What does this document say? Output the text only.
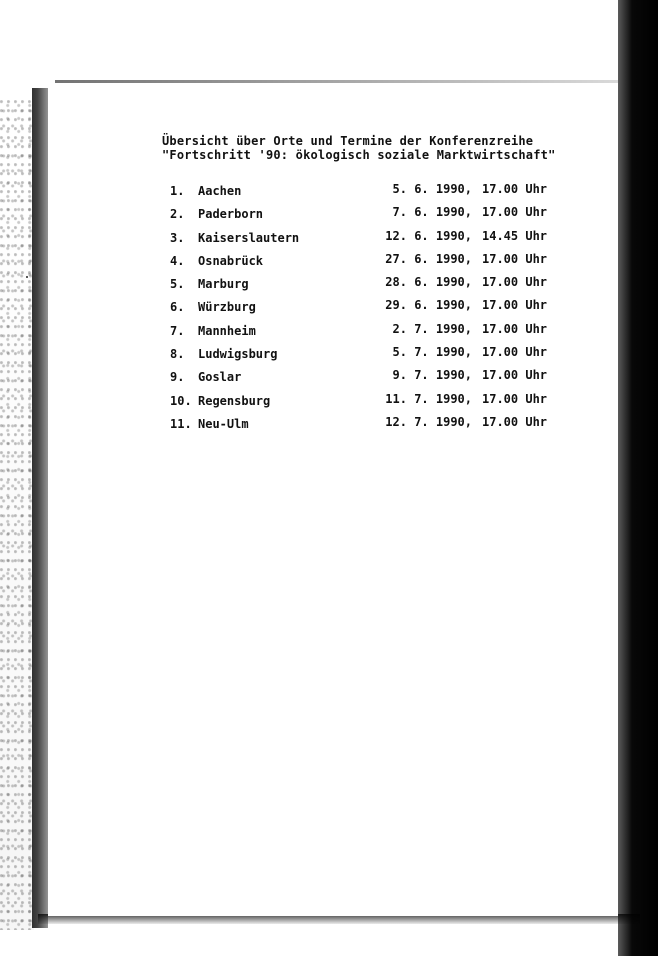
Übersicht über Orte und Termine der Konferenzreihe
"Fortschritt '90: ökologisch soziale Marktwirtschaft"
1.	Aachen	5. 6. 1990, 17.00 Uhr
2.	Paderborn	7. 6. 1990, 17.00 Uhr
3.	Kaiserslautern	12. 6. 1990, 14.45 Uhr
4.	Osnabrück	27. 6. 1990, 17.00 Uhr
5.	Marburg	28. 6. 1990, 17.00 Uhr
6.	Würzburg	29. 6. 1990, 17.00 Uhr
7.	Mannheim	2. 7. 1990, 17.00 Uhr
8.	Ludwigsburg	5. 7. 1990, 17.00 Uhr
9.	Goslar	9. 7. 1990, 17.00 Uhr
10. Regensburg	11. 7. 1990, 17.00 Uhr
11. Neu-Ulm	12. 7. 1990, 17.00 Uhr
